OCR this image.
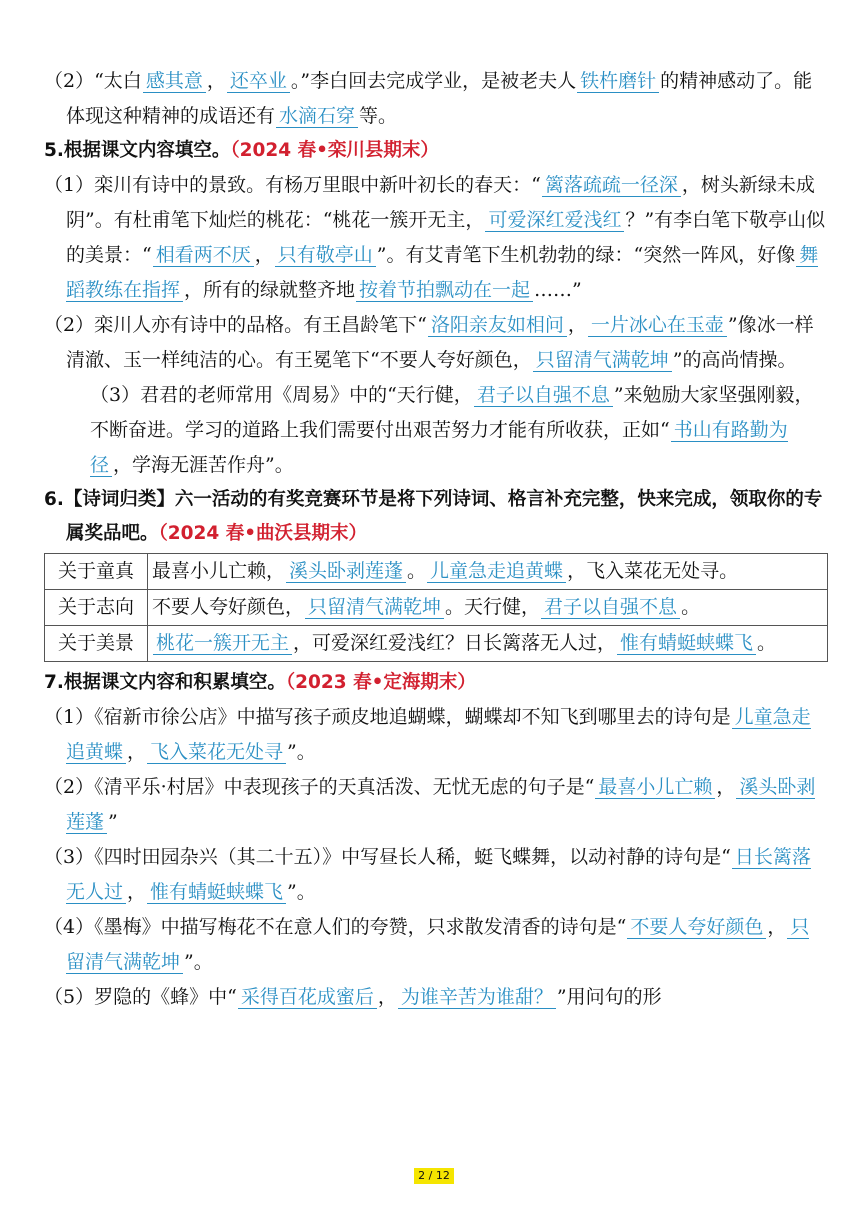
（2）“太白 感其意 ， 还卒业 。”李白回去完成学业，是被老夫人 铁杵磨针 的精神感动了。能体现这种精神的成语还有 水滴石穿 等。

5.根据课文内容填空。（2024 春•栾川县期末）

（1）栾川有诗中的景致。有杨万里眼中新叶初长的春天：“ 篱落疏疏一径深 ，树头新绿未成阴”。有杜甫笔下灿烂的桃花：“桃花一簇开无主， 可爱深红爱浅红 ？”有李白笔下敬亭山似的美景：“ 相看两不厌 ， 只有敬亭山 ”。有艾青笔下生机勃勃的绿：“突然一阵风，好像 舞蹈教练在指挥 ，所有的绿就整齐地 按着节拍飘动在一起 ……”

（2）栾川人亦有诗中的品格。有王昌龄笔下“ 洛阳亲友如相问 ， 一片冰心在玉壶 ”像冰一样清澈、玉一样纯洁的心。有王冕笔下“不要人夸好颜色， 只留清气满乾坤 ”的高尚情操。

（3）君君的老师常用《周易》中的“天行健， 君子以自强不息 ”来勉励大家坚强刚毅，不断奋进。学习的道路上我们需要付出艰苦努力才能有所收获，正如“ 书山有路勤为径 ，学海无涯苦作舟”。

6.【诗词归类】六一活动的有奖竞赛环节是将下列诗词、格言补充完整，快来完成，领取你的专属奖品吧。（2024 春•曲沃县期末）

关于童真	最喜小儿亡赖， 溪头卧剥莲蓬 。 儿童急走追黄蝶 ，飞入菜花无处寻。
关于志向	不要人夸好颜色， 只留清气满乾坤 。天行健， 君子以自强不息 。
关于美景	桃花一簇开无主 ，可爱深红爱浅红？日长篱落无人过， 惟有蜻蜓蛱蝶飞 。

7.根据课文内容和积累填空。（2023 春•定海期末）

（1）《宿新市徐公店》中描写孩子顽皮地追蝴蝶，蝴蝶却不知飞到哪里去的诗句是 儿童急走追黄蝶 ， 飞入菜花无处寻 ”。

（2）《清平乐·村居》中表现孩子的天真活泼、无忧无虑的句子是“ 最喜小儿亡赖 ， 溪头卧剥莲蓬 ”

（3）《四时田园杂兴（其二十五）》中写昼长人稀，蜓飞蝶舞，以动衬静的诗句是“ 日长篱落无人过 ， 惟有蜻蜓蛱蝶飞 ”。

（4）《墨梅》中描写梅花不在意人们的夸赞，只求散发清香的诗句是“ 不要人夸好颜色 ， 只留清气满乾坤 ”。

（5）罗隐的《蜂》中“ 采得百花成蜜后 ， 为谁辛苦为谁甜？ ”用问句的形

2 / 12
